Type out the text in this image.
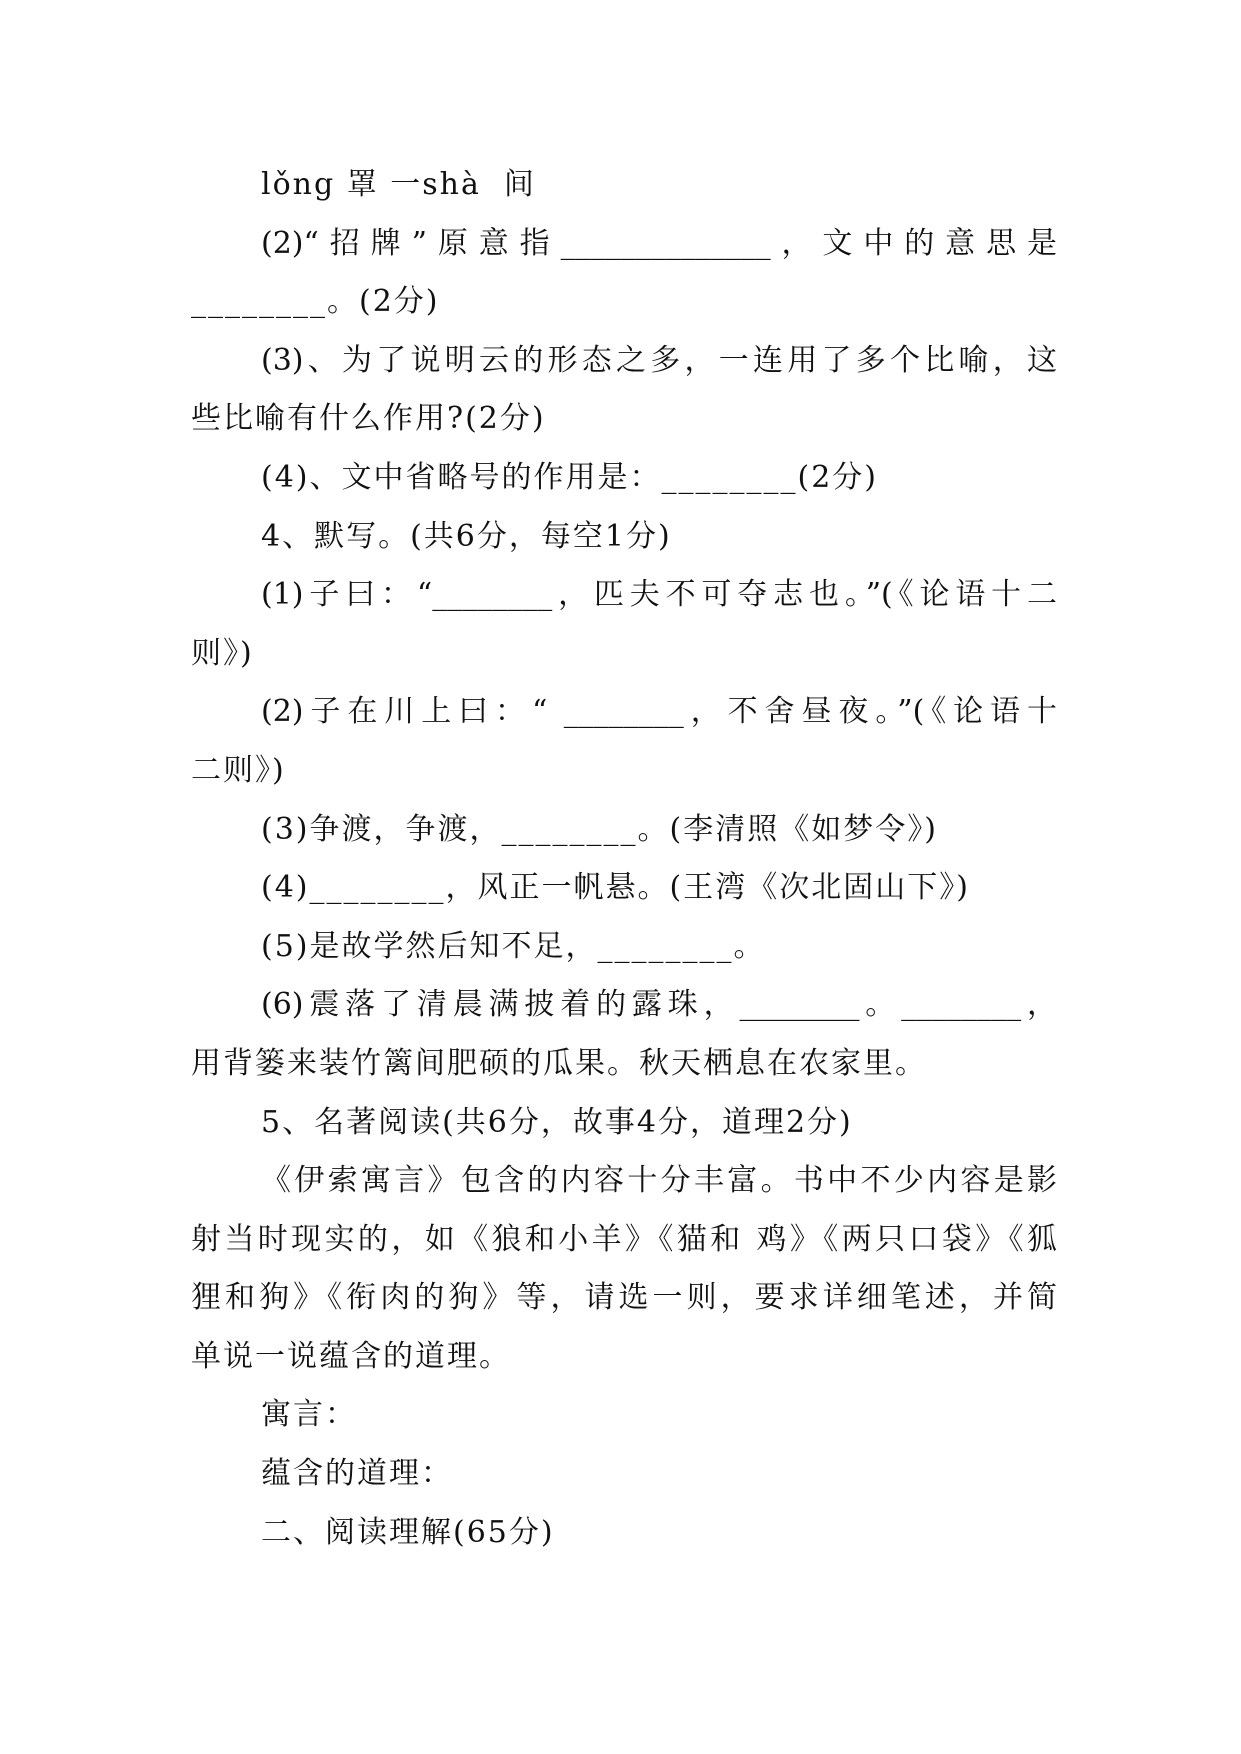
lǒng 罩 一shà  间
(2)“招牌”原意指______________，文中的意思是
________。(2分)
(3)、为了说明云的形态之多，一连用了多个比喻，这
些比喻有什么作用?(2分)
(4)、文中省略号的作用是：________(2分)
4、默写。(共6分，每空1分)
(1)子曰：“________，匹夫不可夺志也。”(《论语十二
则》)
(2)子在川上曰：“ ________，不舍昼夜。”(《论语十
二则》)
(3)争渡，争渡，________。(李清照《如梦令》)
(4)________，风正一帆悬。(王湾《次北固山下》)
(5)是故学然后知不足，________。
(6)震落了清晨满披着的露珠，________。________，
用背篓来装竹篱间肥硕的瓜果。秋天栖息在农家里。
5、名著阅读(共6分，故事4分，道理2分)
《伊索寓言》包含的内容十分丰富。书中不少内容是影
射当时现实的，如《狼和小羊》《猫和 鸡》《两只口袋》《狐
狸和狗》《衔肉的狗》等，请选一则，要求详细笔述，并简
单说一说蕴含的道理。
寓言：
蕴含的道理：
二、阅读理解(65分)
